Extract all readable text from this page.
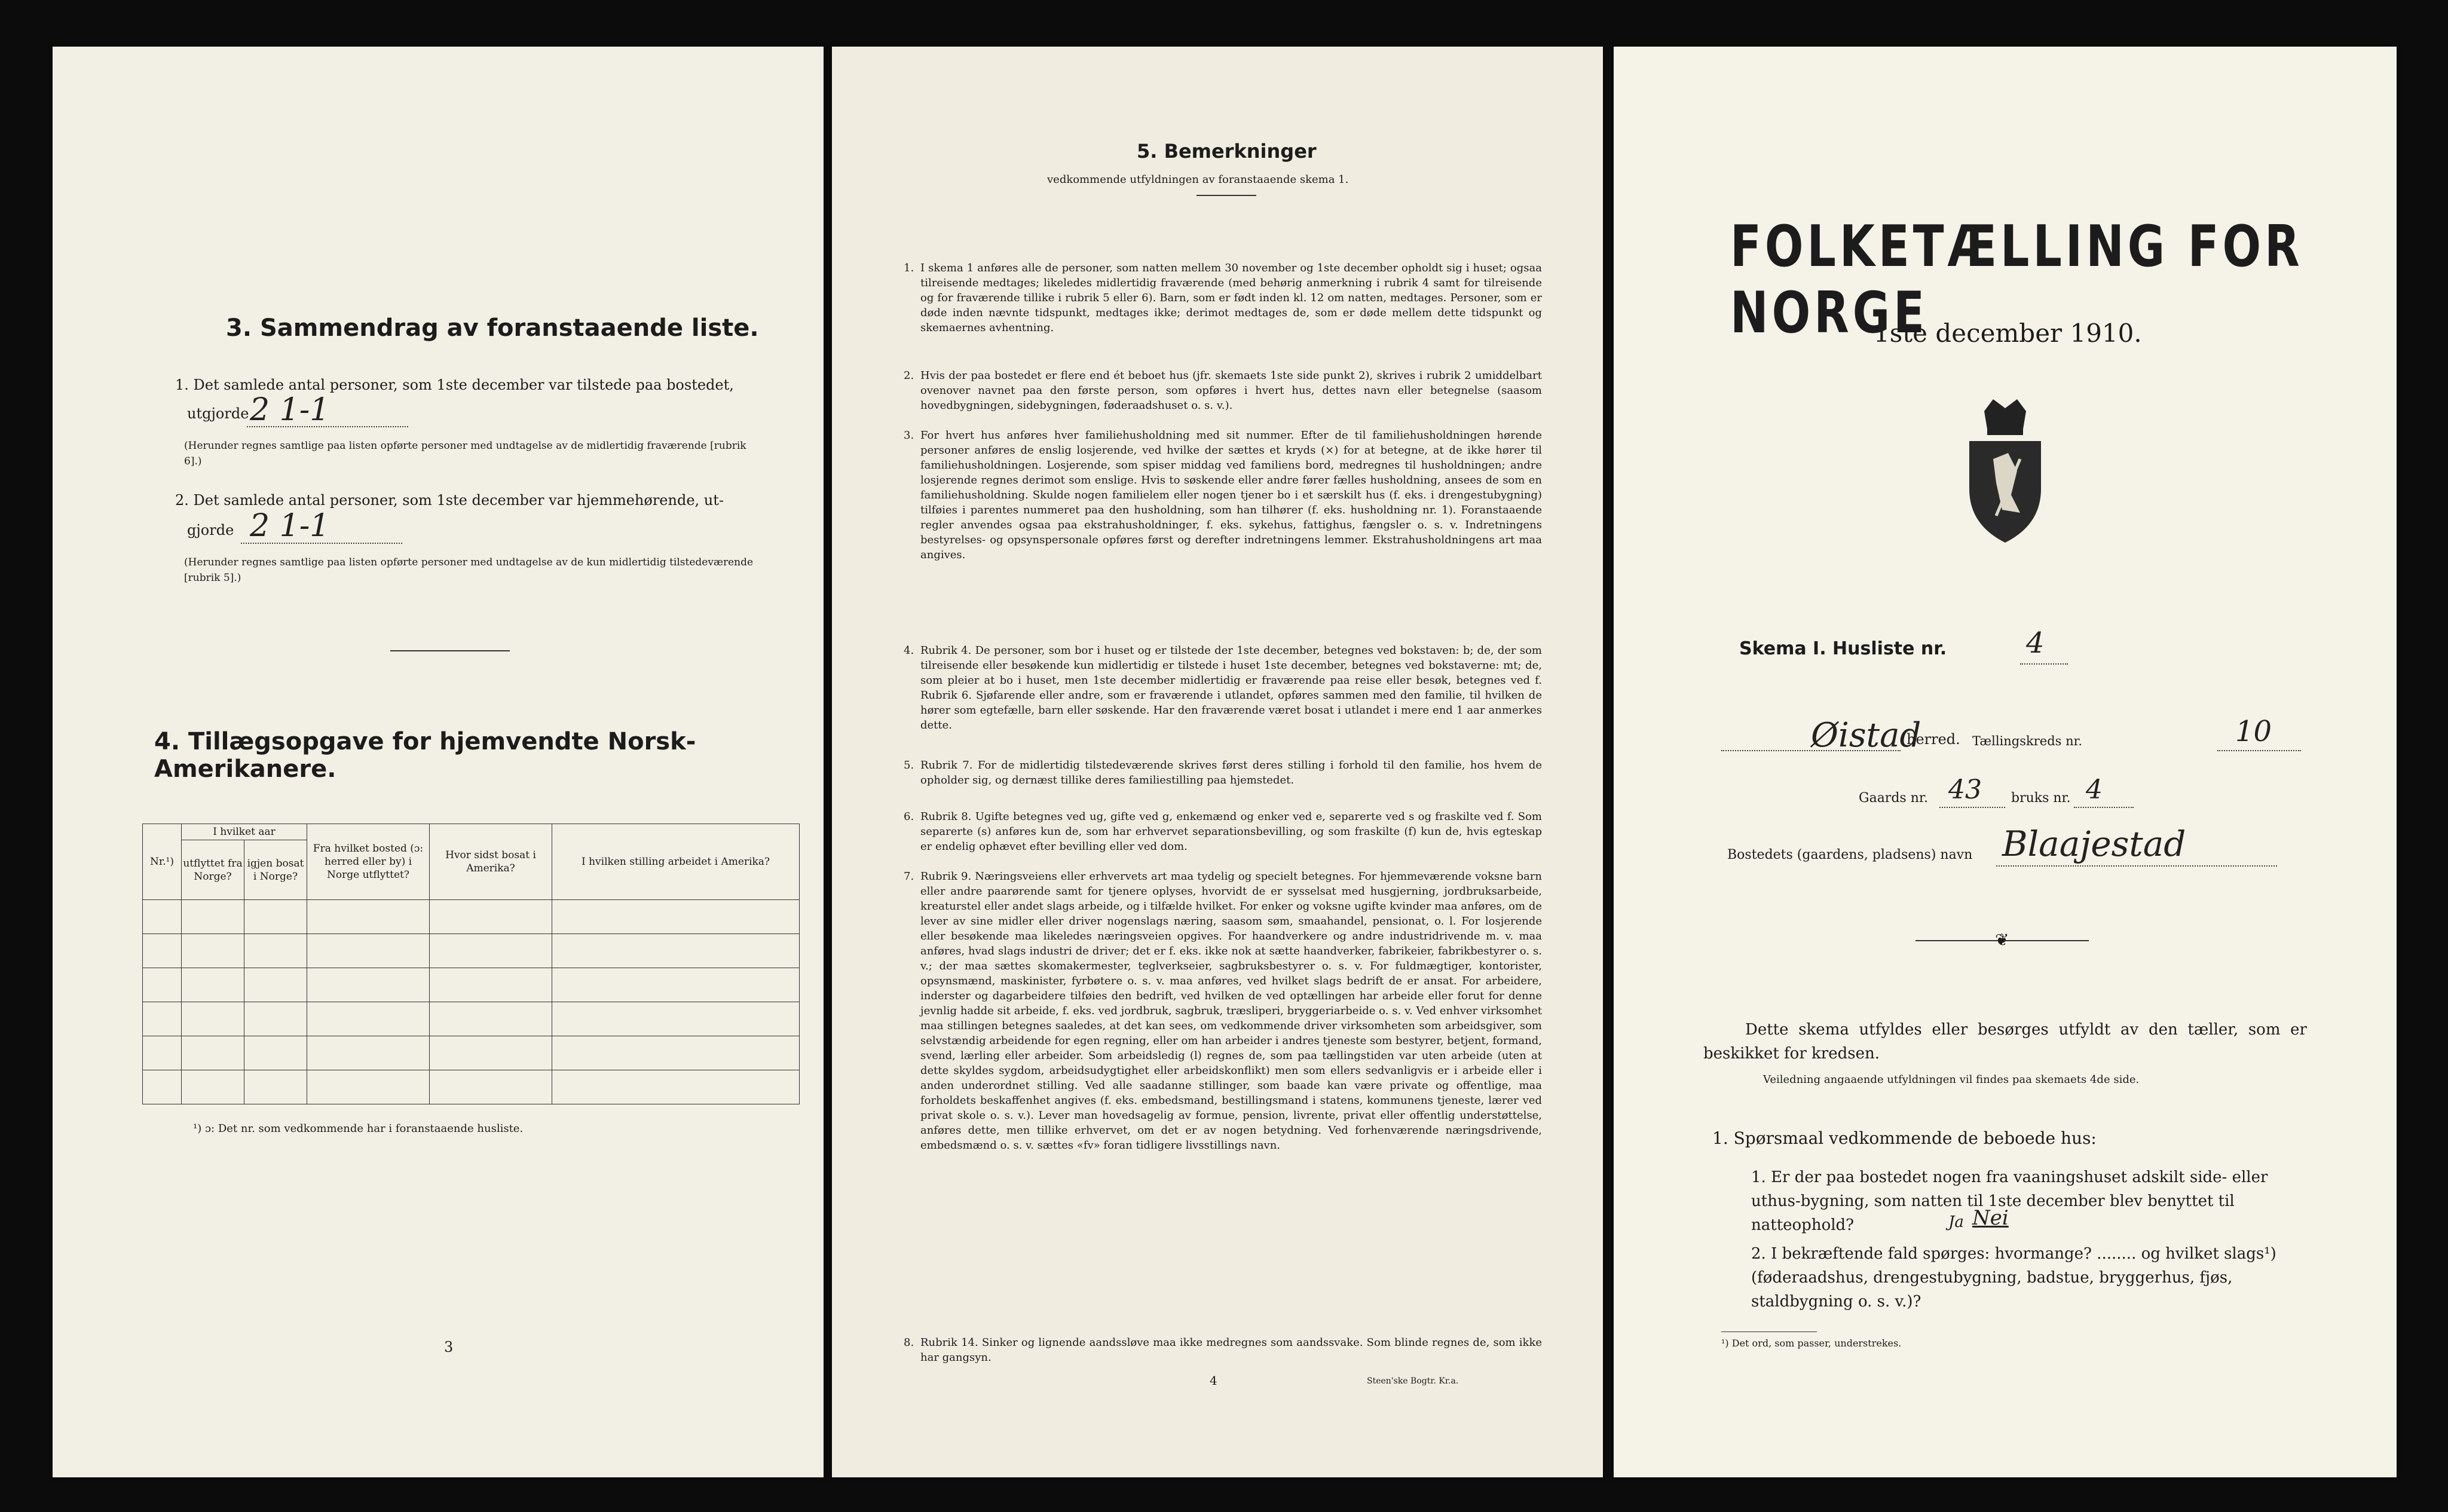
3. Sammendrag av foranstaaende liste.
1. Det samlede antal personer, som 1ste december var tilstede paa bostedet,
utgjorde 2 1-1
(Herunder regnes samtlige paa listen opførte personer med undtagelse av de midlertidig fraværende [rubrik 6].)
2. Det samlede antal personer, som 1ste december var hjemmehørende, ut-
gjorde 2 1-1
(Herunder regnes samtlige paa listen opførte personer med undtagelse av de kun midlertidig tilstedeværende [rubrik 5].)
4. Tillægsopgave for hjemvendte Norsk-Amerikanere.
Nr.¹)	I hvilket aar		Fra hvilket bosted (ɔ: herred eller by) i Norge utflyttet?	Hvor sidst bosat i Amerika?	I hvilken stilling arbeidet i Amerika?
	utflyttet fra Norge?	igjen bosat i Norge?			

¹) ɔ: Det nr. som vedkommende har i foranstaaende husliste.
3
5. Bemerkninger
vedkommende utfyldningen av foranstaaende skema 1.
1. I skema 1 anføres alle de personer, som natten mellem 30 november og 1ste december opholdt sig i huset; ogsaa tilreisende medtages; likeledes midlertidig fraværende (med behørig anmerkning i rubrik 4 samt for tilreisende og for fraværende tillike i rubrik 5 eller 6). Barn, som er født inden kl. 12 om natten, medtages. Personer, som er døde inden nævnte tidspunkt, medtages ikke; derimot medtages de, som er døde mellem dette tidspunkt og skemaernes avhentning.
2. Hvis der paa bostedet er flere end ét beboet hus (jfr. skemaets 1ste side punkt 2), skrives i rubrik 2 umiddelbart ovenover navnet paa den første person, som opføres i hvert hus, dettes navn eller betegnelse (saasom hovedbygningen, sidebygningen, føderaadshuset o. s. v.).
3. For hvert hus anføres hver familiehusholdning med sit nummer. Efter de til familiehusholdningen hørende personer anføres de enslig losjerende, ved hvilke der sættes et kryds (×) for at betegne, at de ikke hører til familiehusholdningen. Losjerende, som spiser middag ved familiens bord, medregnes til husholdningen; andre losjerende regnes derimot som enslige. Hvis to søskende eller andre fører fælles husholdning, ansees de som en familiehusholdning. Skulde nogen familielem eller nogen tjener bo i et særskilt hus (f. eks. i drengestubygning) tilføies i parentes nummeret paa den husholdning, som han tilhører (f. eks. husholdning nr. 1). Foranstaaende regler anvendes ogsaa paa ekstrahusholdninger, f. eks. sykehus, fattighus, fængsler o. s. v. Indretningens bestyrelses- og opsynspersonale opføres først og derefter indretningens lemmer. Ekstrahusholdningens art maa angives.
4. Rubrik 4. De personer, som bor i huset og er tilstede der 1ste december, betegnes ved bokstaven: b; de, der som tilreisende eller besøkende kun midlertidig er tilstede i huset 1ste december, betegnes ved bokstaverne: mt; de, som pleier at bo i huset, men 1ste december midlertidig er fraværende paa reise eller besøk, betegnes ved f. Rubrik 6. Sjøfarende eller andre, som er fraværende i utlandet, opføres sammen med den familie, til hvilken de hører som egtefælle, barn eller søskende. Har den fraværende været bosat i utlandet i mere end 1 aar anmerkes dette.
5. Rubrik 7. For de midlertidig tilstedeværende skrives først deres stilling i forhold til den familie, hos hvem de opholder sig, og dernæst tillike deres familiestilling paa hjemstedet.
6. Rubrik 8. Ugifte betegnes ved ug, gifte ved g, enkemænd og enker ved e, separerte ved s og fraskilte ved f. Som separerte (s) anføres kun de, som har erhvervet separationsbevilling, og som fraskilte (f) kun de, hvis egteskap er endelig ophævet efter bevilling eller ved dom.
7. Rubrik 9. Næringsveiens eller erhvervets art maa tydelig og specielt betegnes. For hjemmeværende voksne barn eller andre paarørende samt for tjenere oplyses, hvorvidt de er sysselsat med husgjerning, jordbruksarbeide, kreaturstel eller andet slags arbeide, og i tilfælde hvilket. For enker og voksne ugifte kvinder maa anføres, om de lever av sine midler eller driver nogenslags næring, saasom søm, smaahandel, pensionat, o. l. For losjerende eller besøkende maa likeledes næringsveien opgives. For haandverkere og andre industridrivende m. v. maa anføres, hvad slags industri de driver; det er f. eks. ikke nok at sætte haandverker, fabrikeier, fabrikbestyrer o. s. v.; der maa sættes skomakermester, teglverkseier, sagbruksbestyrer o. s. v. For fuldmægtiger, kontorister, opsynsmænd, maskinister, fyrbøtere o. s. v. maa anføres, ved hvilket slags bedrift de er ansat. For arbeidere, inderster og dagarbeidere tilføies den bedrift, ved hvilken de ved optællingen har arbeide eller forut for denne jevnlig hadde sit arbeide, f. eks. ved jordbruk, sagbruk, træsliperi, bryggeriarbeide o. s. v. Ved enhver virksomhet maa stillingen betegnes saaledes, at det kan sees, om vedkommende driver virksomheten som arbeidsgiver, som selvstændig arbeidende for egen regning, eller om han arbeider i andres tjeneste som bestyrer, betjent, formand, svend, lærling eller arbeider. Som arbeidsledig (l) regnes de, som paa tællingstiden var uten arbeide (uten at dette skyldes sygdom, arbeidsudygtighet eller arbeidskonflikt) men som ellers sedvanligvis er i arbeide eller i anden underordnet stilling. Ved alle saadanne stillinger, som baade kan være private og offentlige, maa forholdets beskaffenhet angives (f. eks. embedsmand, bestillingsmand i statens, kommunens tjeneste, lærer ved privat skole o. s. v.). Lever man hovedsagelig av formue, pension, livrente, privat eller offentlig understøttelse, anføres dette, men tillike erhvervet, om det er av nogen betydning. Ved forhenværende næringsdrivende, embedsmænd o. s. v. sættes «fv» foran tidligere livsstillings navn.
8. Rubrik 14. Sinker og lignende aandssløve maa ikke medregnes som aandssvake. Som blinde regnes de, som ikke har gangsyn.
4	Steen'ske Bogtr. Kr.a.
FOLKETÆLLING FOR NORGE
1ste december 1910.
Skema I. Husliste nr.	4
Øistad
herred. Tællingskreds nr.	10
Gaards nr. 43 bruks nr. 4
Bostedets (gaardens, pladsens) navn Blaajestad
❦
Dette skema utfyldes eller besørges utfyldt av den tæller, som er beskikket for kredsen.
Veiledning angaaende utfyldningen vil findes paa skemaets 4de side.
1. Spørsmaal vedkommende de beboede hus:
1. Er der paa bostedet nogen fra vaaningshuset adskilt side- eller uthus-bygning, som natten til 1ste december blev benyttet til natteophold?	Ja Nei
2. I bekræftende fald spørges: hvormange? ........ og hvilket slags¹) (føderaadshus, drengestubygning, badstue, bryggerhus, fjøs, staldbygning o. s. v.)?
¹) Det ord, som passer, understrekes.
